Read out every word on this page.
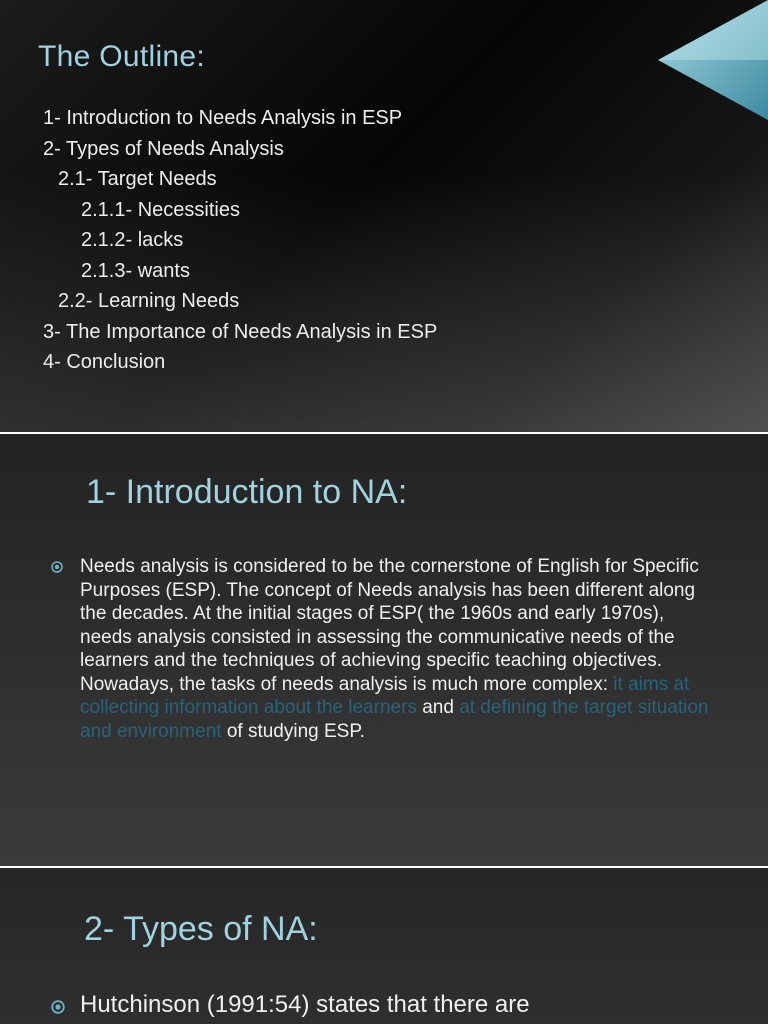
The Outline:
1- Introduction to Needs Analysis in ESP
2- Types of Needs Analysis
2.1- Target Needs
2.1.1- Necessities
2.1.2- lacks
2.1.3- wants
2.2- Learning Needs
3- The Importance of Needs Analysis in ESP
4- Conclusion
1- Introduction to NA:

Needs analysis is considered to be the cornerstone of English for Specific Purposes (ESP). The concept of Needs analysis has been different along the decades. At the initial stages of ESP( the 1960s and early 1970s), needs analysis consisted in assessing the communicative needs of the learners and the techniques of achieving specific teaching objectives. Nowadays, the tasks of needs analysis is much more complex: it aims at collecting information about the learners and at defining the target situation and environment of studying ESP.

2- Types of NA:

Hutchinson (1991:54) states that there are
